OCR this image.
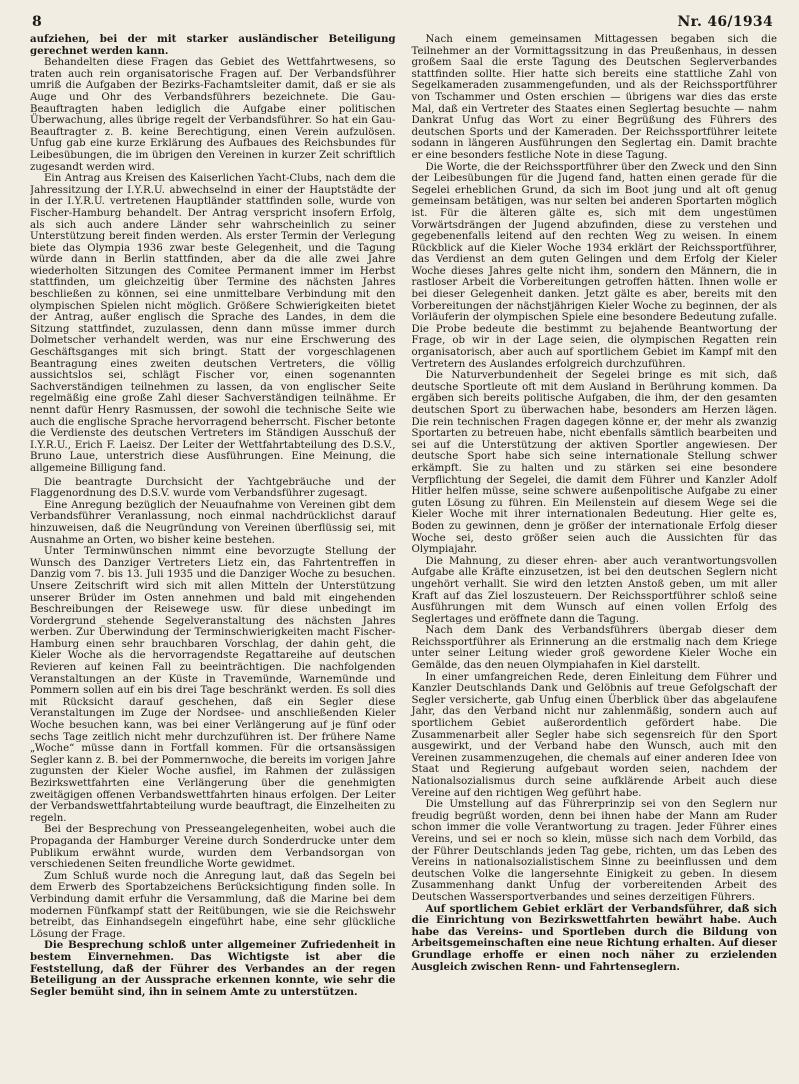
8	Nr. 46/1934

aufziehen, bei der mit starker ausländischer Beteiligung gerechnet werden kann.

Behandelten diese Fragen das Gebiet des Wettfahrtwesens, so traten auch rein organisatorische Fragen auf. Der Verbandsführer umriß die Aufgaben der Bezirks-Fachamtsleiter damit, daß er sie als Auge und Ohr des Verbandsführers bezeichnete. Die Gau-Beauftragten haben lediglich die Aufgabe einer politischen Überwachung, alles übrige regelt der Verbandsführer. So hat ein Gau-Beauftragter z. B. keine Berechtigung, einen Verein aufzulösen. Unfug gab eine kurze Erklärung des Aufbaues des Reichsbundes für Leibesübungen, die im übrigen den Vereinen in kurzer Zeit schriftlich zugesandt werden wird.

Ein Antrag aus Kreisen des Kaiserlichen Yacht-Clubs, nach dem die Jahressitzung der I.Y.R.U. abwechselnd in einer der Hauptstädte der in der I.Y.R.U. vertretenen Hauptländer stattfinden solle, wurde von Fischer-Hamburg behandelt. Der Antrag verspricht insofern Erfolg, als sich auch andere Länder sehr wahrscheinlich zu seiner Unterstützung bereit finden werden. Als erster Termin der Verlegung biete das Olympia 1936 zwar beste Gelegenheit, und die Tagung würde dann in Berlin stattfinden, aber da die alle zwei Jahre wiederholten Sitzungen des Comitee Permanent immer im Herbst stattfinden, um gleichzeitig über Termine des nächsten Jahres beschließen zu können, sei eine unmittelbare Verbindung mit den olympischen Spielen nicht möglich. Größere Schwierigkeiten bietet der Antrag, außer englisch die Sprache des Landes, in dem die Sitzung stattfindet, zuzulassen, denn dann müsse immer durch Dolmetscher verhandelt werden, was nur eine Erschwerung des Geschäftsganges mit sich bringt. Statt der vorgeschlagenen Beantragung eines zweiten deutschen Vertreters, die völlig aussichtslos sei, schlägt Fischer vor, einen sogenannten Sachverständigen teilnehmen zu lassen, da von englischer Seite regelmäßig eine große Zahl dieser Sachverständigen teilnähme. Er nennt dafür Henry Rasmussen, der sowohl die technische Seite wie auch die englische Sprache hervorragend beherrscht. Fischer betonte die Verdienste des deutschen Vertreters im Ständigen Ausschuß der I.Y.R.U., Erich F. Laeisz. Der Leiter der Wettfahrtabteilung des D.S.V., Bruno Laue, unterstrich diese Ausführungen. Eine Meinung, die allgemeine Billigung fand.

Die beantragte Durchsicht der Yachtgebräuche und der Flaggenordnung des D.S.V. wurde vom Verbandsführer zugesagt.

Eine Anregung bezüglich der Neuaufnahme von Vereinen gibt dem Verbandsführer Veranlassung, noch einmal nachdrücklichst darauf hinzuweisen, daß die Neugründung von Vereinen überflüssig sei, mit Ausnahme an Orten, wo bisher keine bestehen.

Unter Terminwünschen nimmt eine bevorzugte Stellung der Wunsch des Danziger Vertreters Lietz ein, das Fahrtentreffen in Danzig vom 7. bis 13. Juli 1935 und die Danziger Woche zu besuchen. Unsere Zeitschrift wird sich mit allen Mitteln der Unterstützung unserer Brüder im Osten annehmen und bald mit eingehenden Beschreibungen der Reisewege usw. für diese unbedingt im Vordergrund stehende Segelveranstaltung des nächsten Jahres werben. Zur Überwindung der Terminschwierigkeiten macht Fischer-Hamburg einen sehr brauchbaren Vorschlag, der dahin geht, die Kieler Woche als die hervorragendste Regattareihe auf deutschen Revieren auf keinen Fall zu beeinträchtigen. Die nachfolgenden Veranstaltungen an der Küste in Travemünde, Warnemünde und Pommern sollen auf ein bis drei Tage beschränkt werden. Es soll dies mit Rücksicht darauf geschehen, daß ein Segler diese Veranstaltungen im Zuge der Nordsee- und anschließenden Kieler Woche besuchen kann, was bei einer Verlängerung auf je fünf oder sechs Tage zeitlich nicht mehr durchzuführen ist. Der frühere Name „Woche“ müsse dann in Fortfall kommen. Für die ortsansässigen Segler kann z. B. bei der Pommernwoche, die bereits im vorigen Jahre zugunsten der Kieler Woche ausfiel, im Rahmen der zulässigen Bezirkswettfahrten eine Verlängerung über die genehmigten zweitägigen offenen Verbandswettfahrten hinaus erfolgen. Der Leiter der Verbandswettfahrtabteilung wurde beauftragt, die Einzelheiten zu regeln.

Bei der Besprechung von Presseangelegenheiten, wobei auch die Propaganda der Hamburger Vereine durch Sonderdrucke unter dem Publikum erwähnt wurde, wurden dem Verbandsorgan von verschiedenen Seiten freundliche Worte gewidmet.

Zum Schluß wurde noch die Anregung laut, daß das Segeln bei dem Erwerb des Sportabzeichens Berücksichtigung finden solle. In Verbindung damit erfuhr die Versammlung, daß die Marine bei dem modernen Fünfkampf statt der Reitübungen, wie sie die Reichswehr betreibt, das Einhandsegeln eingeführt habe, eine sehr glückliche Lösung der Frage.

Die Besprechung schloß unter allgemeiner Zufriedenheit in bestem Einvernehmen. Das Wichtigste ist aber die Feststellung, daß der Führer des Verbandes an der regen Beteiligung an der Aussprache erkennen konnte, wie sehr die Segler bemüht sind, ihn in seinem Amte zu unterstützen.

Nach einem gemeinsamen Mittagessen begaben sich die Teilnehmer an der Vormittagssitzung in das Preußenhaus, in dessen großem Saal die erste Tagung des Deutschen Seglerverbandes stattfinden sollte. Hier hatte sich bereits eine stattliche Zahl von Segelkameraden zusammengefunden, und als der Reichssportführer von Tschammer und Osten erschien — übrigens war dies das erste Mal, daß ein Vertreter des Staates einen Seglertag besuchte — nahm Dankrat Unfug das Wort zu einer Begrüßung des Führers des deutschen Sports und der Kameraden. Der Reichssportführer leitete sodann in längeren Ausführungen den Seglertag ein. Damit brachte er eine besonders festliche Note in diese Tagung.

Die Worte, die der Reichssportführer über den Zweck und den Sinn der Leibesübungen für die Jugend fand, hatten einen gerade für die Segelei erheblichen Grund, da sich im Boot jung und alt oft genug gemeinsam betätigen, was nur selten bei anderen Sportarten möglich ist. Für die älteren gälte es, sich mit dem ungestümen Vorwärtsdrängen der Jugend abzufinden, diese zu verstehen und gegebenenfalls leitend auf den rechten Weg zu weisen. In einem Rückblick auf die Kieler Woche 1934 erklärt der Reichssportführer, das Verdienst an dem guten Gelingen und dem Erfolg der Kieler Woche dieses Jahres gelte nicht ihm, sondern den Männern, die in rastloser Arbeit die Vorbereitungen getroffen hätten. Ihnen wolle er bei dieser Gelegenheit danken. Jetzt gälte es aber, bereits mit den Vorbereitungen der nächstjährigen Kieler Woche zu beginnen, der als Vorläuferin der olympischen Spiele eine besondere Bedeutung zufalle. Die Probe bedeute die bestimmt zu bejahende Beantwortung der Frage, ob wir in der Lage seien, die olympischen Regatten rein organisatorisch, aber auch auf sportlichem Gebiet im Kampf mit den Vertretern des Auslandes erfolgreich durchzuführen.

Die Naturverbundenheit der Segelei bringe es mit sich, daß deutsche Sportleute oft mit dem Ausland in Berührung kommen. Da ergäben sich bereits politische Aufgaben, die ihm, der den gesamten deutschen Sport zu überwachen habe, besonders am Herzen lägen. Die rein technischen Fragen dagegen könne er, der mehr als zwanzig Sportarten zu betreuen habe, nicht ebenfalls sämtlich bearbeiten und sei auf die Unterstützung der aktiven Sportler angewiesen. Der deutsche Sport habe sich seine internationale Stellung schwer erkämpft. Sie zu halten und zu stärken sei eine besondere Verpflichtung der Segelei, die damit dem Führer und Kanzler Adolf Hitler helfen müsse, seine schwere außenpolitische Aufgabe zu einer guten Lösung zu führen. Ein Meilenstein auf diesem Wege sei die Kieler Woche mit ihrer internationalen Bedeutung. Hier gelte es, Boden zu gewinnen, denn je größer der internationale Erfolg dieser Woche sei, desto größer seien auch die Aussichten für das Olympiajahr.

Die Mahnung, zu dieser ehren- aber auch verantwortungsvollen Aufgabe alle Kräfte einzusetzen, ist bei den deutschen Seglern nicht ungehört verhallt. Sie wird den letzten Anstoß geben, um mit aller Kraft auf das Ziel loszusteuern. Der Reichssportführer schloß seine Ausführungen mit dem Wunsch auf einen vollen Erfolg des Seglertages und eröffnete dann die Tagung.

Nach dem Dank des Verbandsführers übergab dieser dem Reichssportführer als Erinnerung an die erstmalig nach dem Kriege unter seiner Leitung wieder groß gewordene Kieler Woche ein Gemälde, das den neuen Olympiahafen in Kiel darstellt.

In einer umfangreichen Rede, deren Einleitung dem Führer und Kanzler Deutschlands Dank und Gelöbnis auf treue Gefolgschaft der Segler versicherte, gab Unfug einen Überblick über das abgelaufene Jahr, das den Verband nicht nur zahlenmäßig, sondern auch auf sportlichem Gebiet außerordentlich gefördert habe. Die Zusammenarbeit aller Segler habe sich segensreich für den Sport ausgewirkt, und der Verband habe den Wunsch, auch mit den Vereinen zusammenzugehen, die chemals auf einer anderen Idee von Staat und Regierung aufgebaut worden seien, nachdem der Nationalsozialismus durch seine aufklärende Arbeit auch diese Vereine auf den richtigen Weg geführt habe.

Die Umstellung auf das Führerprinzip sei von den Seglern nur freudig begrüßt worden, denn bei ihnen habe der Mann am Ruder schon immer die volle Verantwortung zu tragen. Jeder Führer eines Vereins, und sei er noch so klein, müsse sich nach dem Vorbild, das der Führer Deutschlands jeden Tag gebe, richten, um das Leben des Vereins in nationalsozialistischem Sinne zu beeinflussen und dem deutschen Volke die langersehnte Einigkeit zu geben. In diesem Zusammenhang dankt Unfug der vorbereitenden Arbeit des Deutschen Wassersportverbandes und seines derzeitigen Führers.

Auf sportlichem Gebiet erklärt der Verbandsführer, daß sich die Einrichtung von Bezirkswettfahrten bewährt habe. Auch habe das Vereins- und Sportleben durch die Bildung von Arbeitsgemeinschaften eine neue Richtung erhalten. Auf dieser Grundlage erhoffe er einen noch näher zu erzielenden Ausgleich zwischen Renn- und Fahrtenseglern.
